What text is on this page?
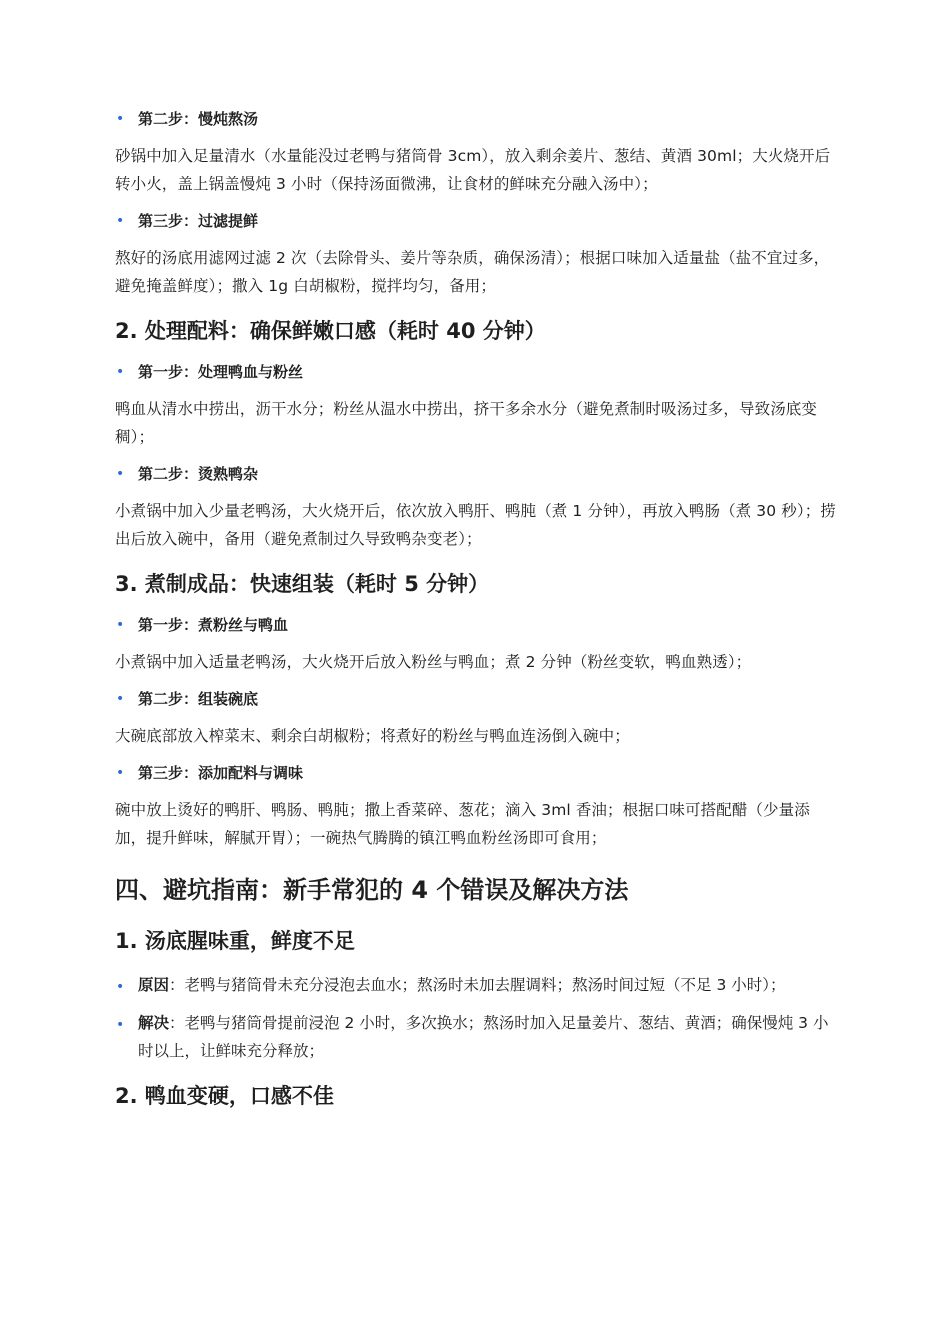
• 第二步：慢炖熬汤
砂锅中加入足量清水（水量能没过老鸭与猪筒骨 3cm），放入剩余姜片、葱结、黄酒 30ml；大火烧开后转小火，盖上锅盖慢炖 3 小时（保持汤面微沸，让食材的鲜味充分融入汤中）；
• 第三步：过滤提鲜
熬好的汤底用滤网过滤 2 次（去除骨头、姜片等杂质，确保汤清）；根据口味加入适量盐（盐不宜过多，避免掩盖鲜度）；撒入 1g 白胡椒粉，搅拌均匀，备用；
2. 处理配料：确保鲜嫩口感（耗时 40 分钟）
• 第一步：处理鸭血与粉丝
鸭血从清水中捞出，沥干水分；粉丝从温水中捞出，挤干多余水分（避免煮制时吸汤过多，导致汤底变稠）；
• 第二步：烫熟鸭杂
小煮锅中加入少量老鸭汤，大火烧开后，依次放入鸭肝、鸭肫（煮 1 分钟），再放入鸭肠（煮 30 秒）；捞出后放入碗中，备用（避免煮制过久导致鸭杂变老）；
3. 煮制成品：快速组装（耗时 5 分钟）
• 第一步：煮粉丝与鸭血
小煮锅中加入适量老鸭汤，大火烧开后放入粉丝与鸭血；煮 2 分钟（粉丝变软，鸭血熟透）；
• 第二步：组装碗底
大碗底部放入榨菜末、剩余白胡椒粉；将煮好的粉丝与鸭血连汤倒入碗中；
• 第三步：添加配料与调味
碗中放上烫好的鸭肝、鸭肠、鸭肫；撒上香菜碎、葱花；滴入 3ml 香油；根据口味可搭配醋（少量添加，提升鲜味，解腻开胃）；一碗热气腾腾的镇江鸭血粉丝汤即可食用；
四、避坑指南：新手常犯的 4 个错误及解决方法
1. 汤底腥味重，鲜度不足
• 原因：老鸭与猪筒骨未充分浸泡去血水；熬汤时未加去腥调料；熬汤时间过短（不足 3 小时）；
• 解决：老鸭与猪筒骨提前浸泡 2 小时，多次换水；熬汤时加入足量姜片、葱结、黄酒；确保慢炖 3 小时以上，让鲜味充分释放；
2. 鸭血变硬，口感不佳
